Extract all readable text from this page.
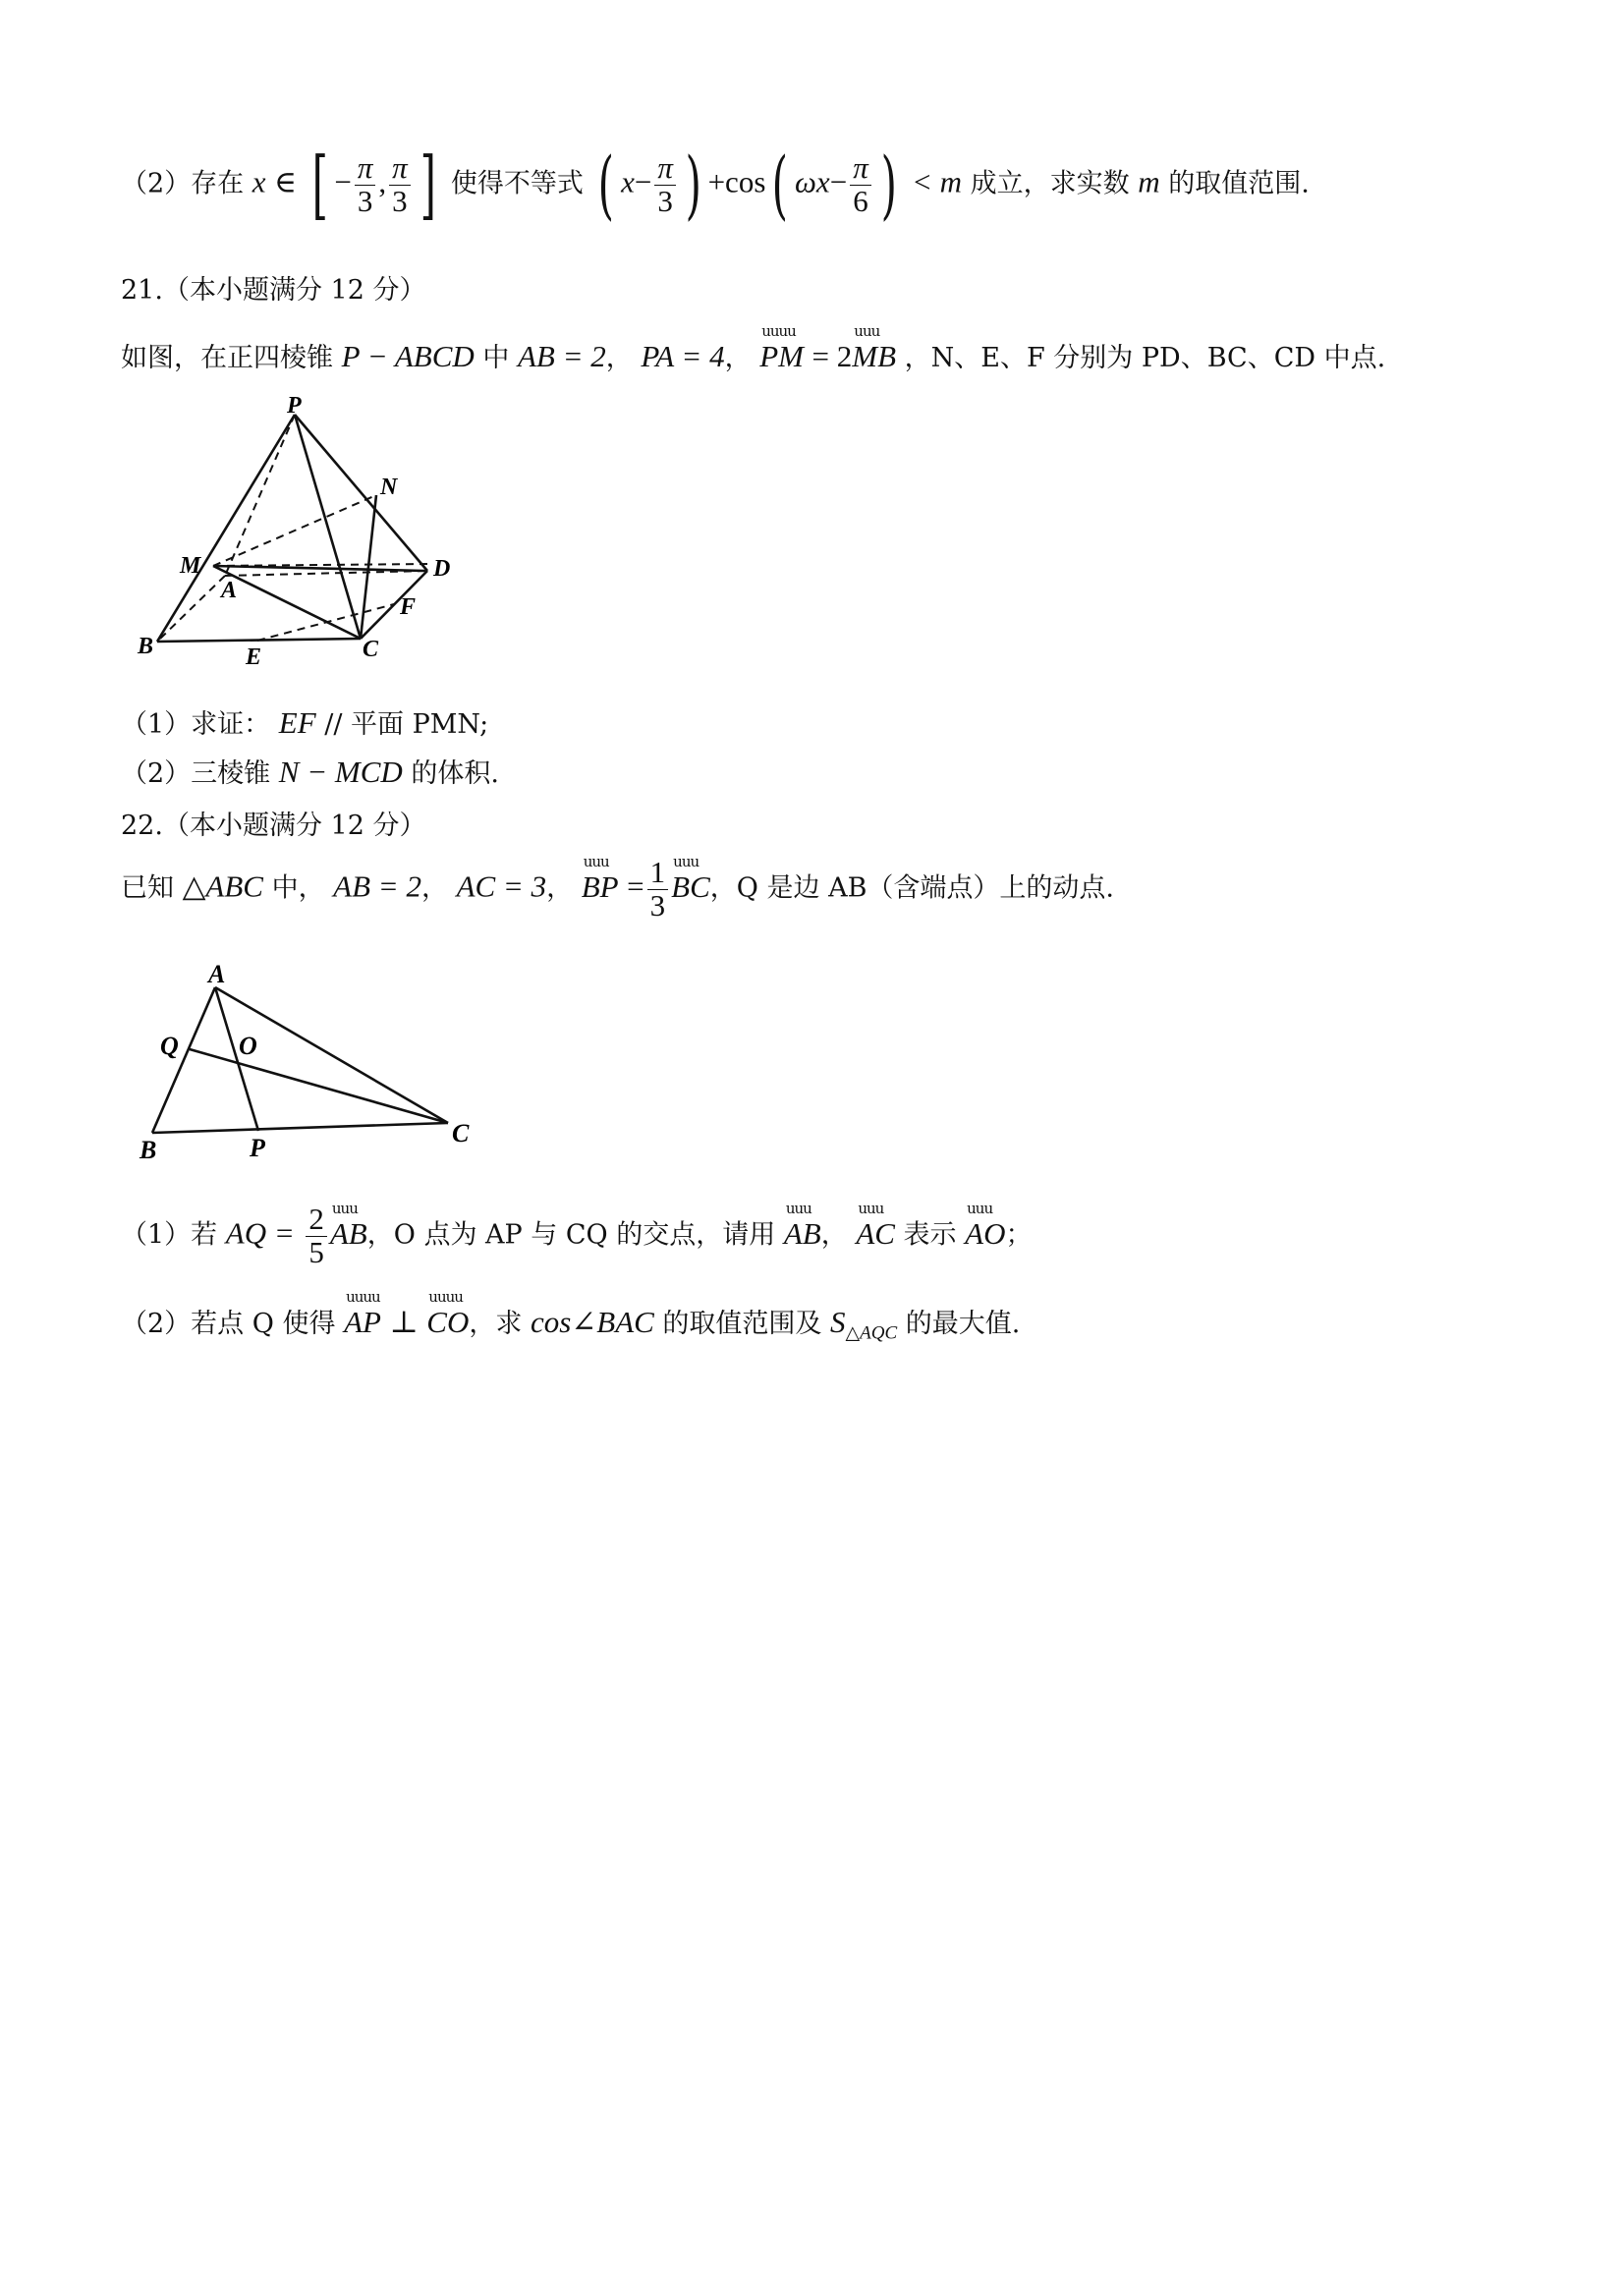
（2）存在 x ∈ [ − $\frac{\pi}{3}$ , $\frac{\pi}{3}$ ] 使得不等式 ( $x- \frac{\pi}{3}$ ) +cos( $\omega x- \frac{\pi}{6}$ ) < m 成立，求实数 m 的取值范围.
21.（本小题满分 12 分）
如图，在正四棱锥 P − ABCD 中 AB = 2， PA = 4，
uuuu
PM = 2
uuu
MB ，N、E、F 分别为 PD、BC、CD 中点.
P
N
M
A
D
F
B	E	C
（1）求证： EF // 平面 PMN;
（2）三棱锥 N − MCD 的体积.
22.（本小题满分 12 分）
已知 △ABC 中， AB = 2， AC = 3，
uuu
BP = $\frac{1}{3}$ uuu
BC，Q 是边 AB（含端点）上的动点.
A
Q O
B	P
C
（1）若 AQ = $\frac{2}{5}$ uuu
AB，O 点为 AP 与 CQ 的交点，请用
uuu
AB，
uuu
AC 表示
uuu
AO；
（2）若点 Q 使得
uuuu
AP ⊥
uuuu
CO，求 cos∠BAC 的取值范围及 $S_{\triangle AQC}$ 的最大值.
